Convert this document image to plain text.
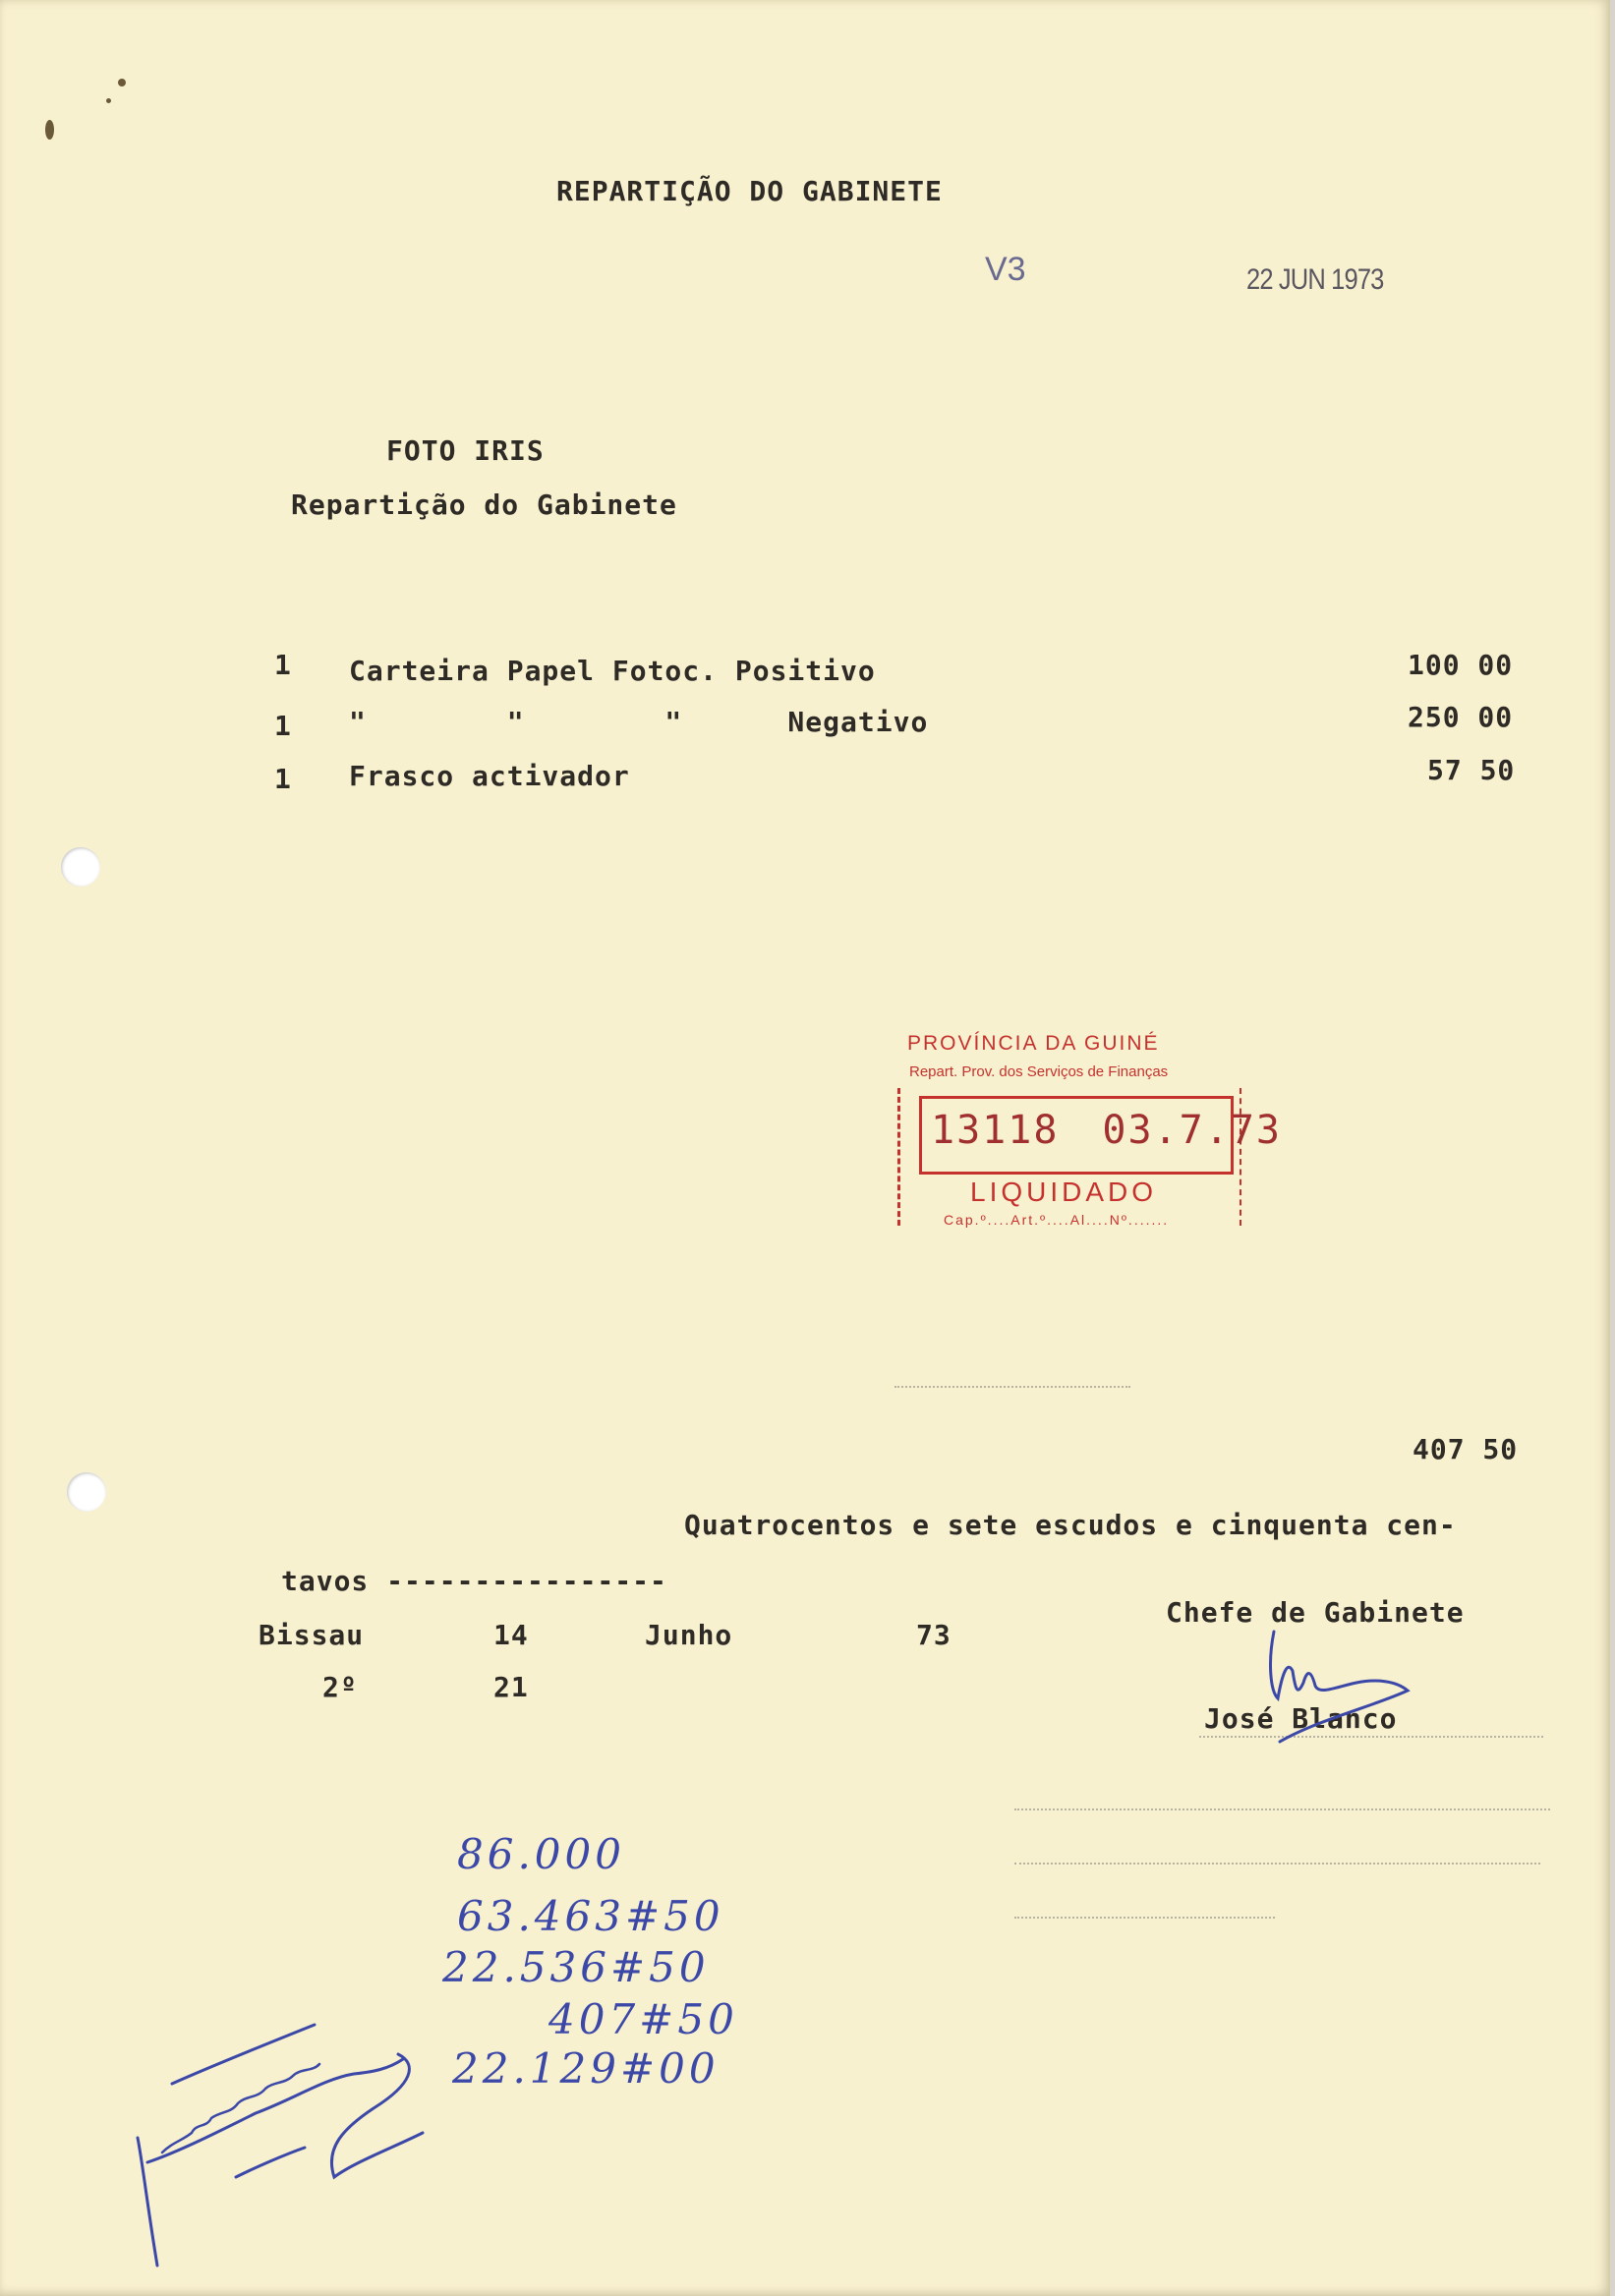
REPARTIÇÃO DO GABINETE
V3	22 JUN 1973
FOTO IRIS
Repartição do Gabinete
1 Carteira Papel Fotoc. Positivo	100 00
1 "        "        "      Negativo	250 00
1 Frasco activador	57 50
PROVÍNCIA DA GUINÉ
Repart. Prov. dos Serviços de Finanças
13118 03.7.73
LIQUIDADO
Cap.º....Art.º....Al....Nº.......
407 50
Quatrocentos e sete escudos e cinquenta cen-
tavos ----------------
Bissau	14	Junho	73
2º	21
Chefe de Gabinete
José Blanco
86.000
63.463#50
22.536#50
407#50
22.129#00
